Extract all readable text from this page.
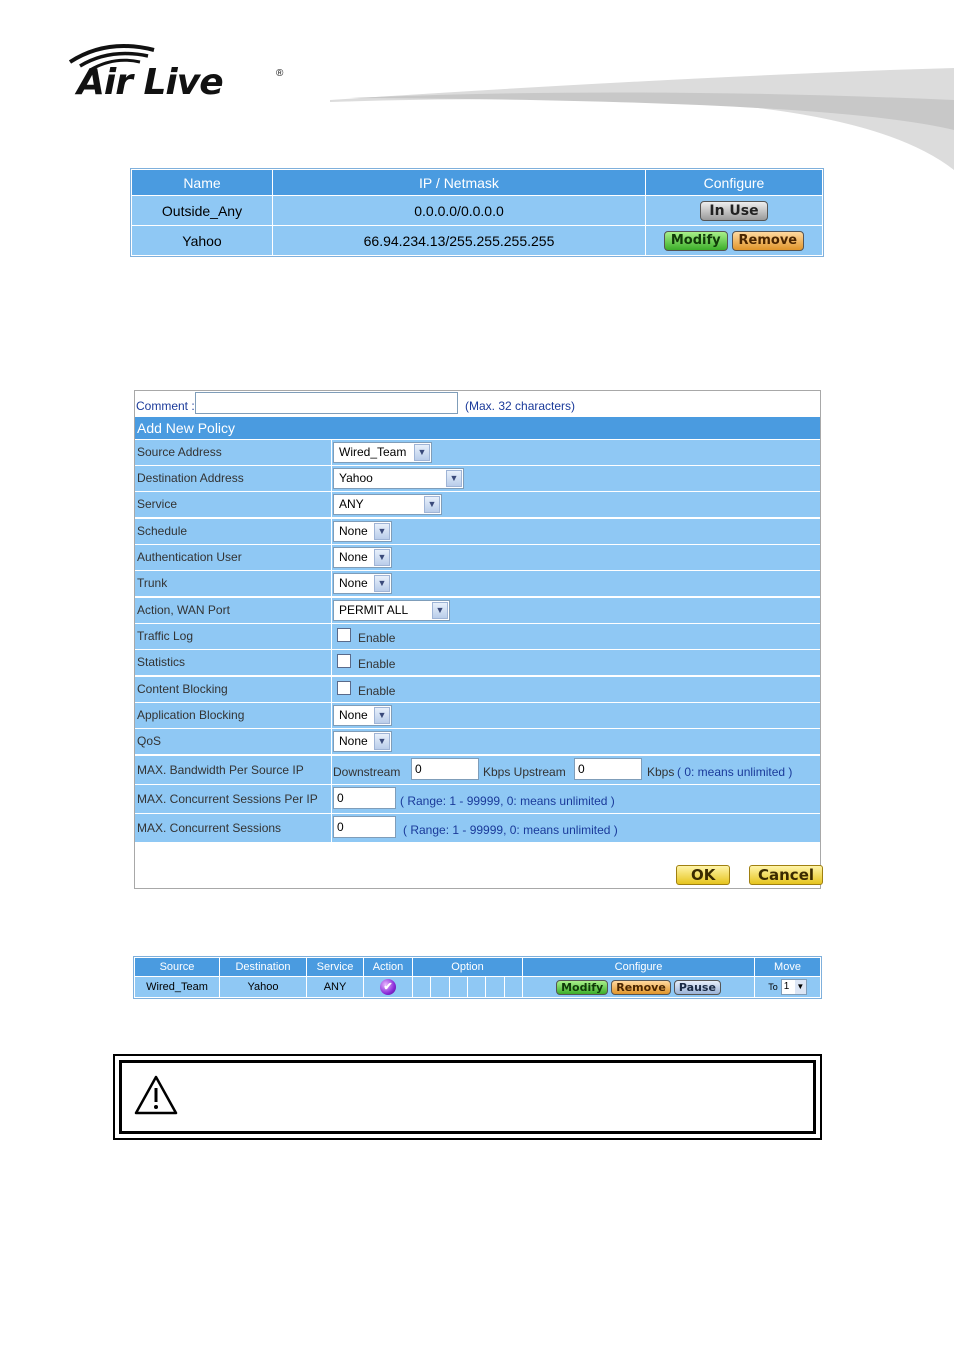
Air Live	®
Name	IP / Netmask	Configure
Outside_Any	0.0.0.0/0.0.0.0	In Use
Yahoo	66.94.234.13/255.255.255.255	Modify Remove
Comment :	(Max. 32 characters)
Add New Policy
Source Address	Wired_Team	▼
Destination Address	Yahoo	▼
Service	ANY	▼
Schedule	None	▼
Authentication User	None	▼
Trunk	None	▼
Action, WAN Port	PERMIT ALL	▼
Traffic Log	Enable
Statistics	Enable
Content Blocking	Enable
Application Blocking	None	▼
QoS	None	▼
MAX. Bandwidth Per Source IP	Downstream	0	Kbps Upstream	0	Kbps ( 0: means unlimited )
MAX. Concurrent Sessions Per IP	0	( Range: 1 - 99999, 0: means unlimited )
MAX. Concurrent Sessions	0	( Range: 1 - 99999, 0: means unlimited )
OK	Cancel
Source	Destination	Service	Action	Option						Configure	Move
Wired_Team	Yahoo	ANY	✔							Modify Remove Pause	To 1 ▼
